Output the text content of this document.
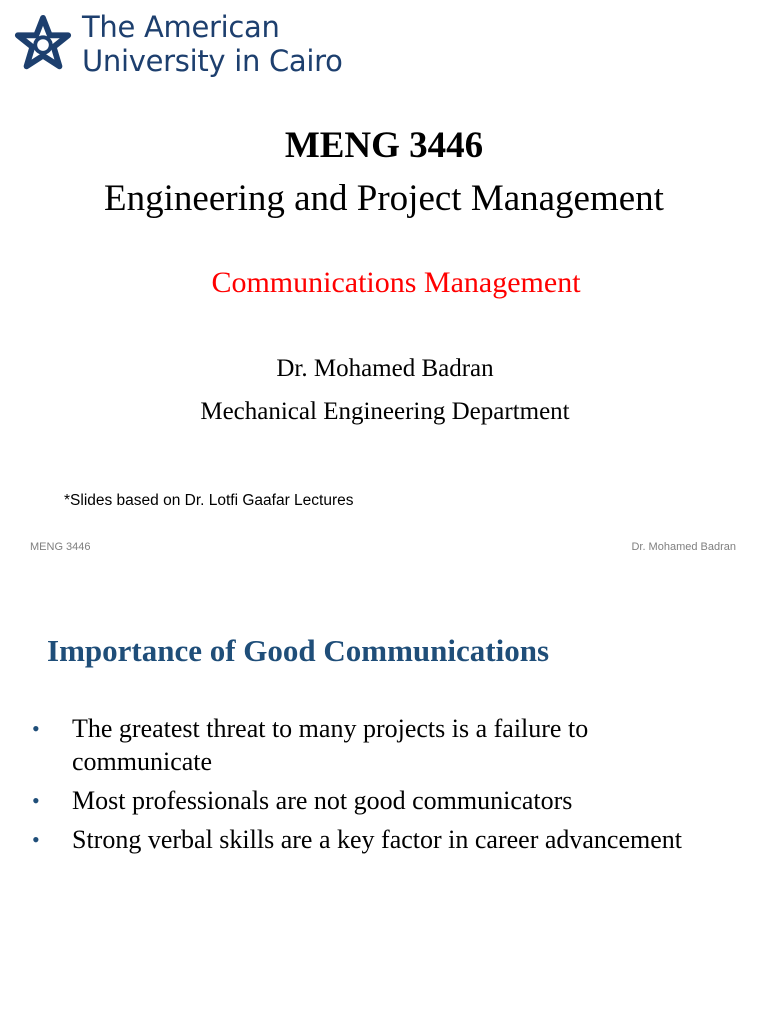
The American
University in Cairo
MENG 3446
Engineering and Project Management
Communications Management
Dr. Mohamed Badran
Mechanical Engineering Department
*Slides based on Dr. Lotfi Gaafar Lectures
MENG 3446	Dr. Mohamed Badran
Importance of Good Communications
• The greatest threat to many projects is a failure to communicate
• Most professionals are not good communicators
• Strong verbal skills are a key factor in career advancement
